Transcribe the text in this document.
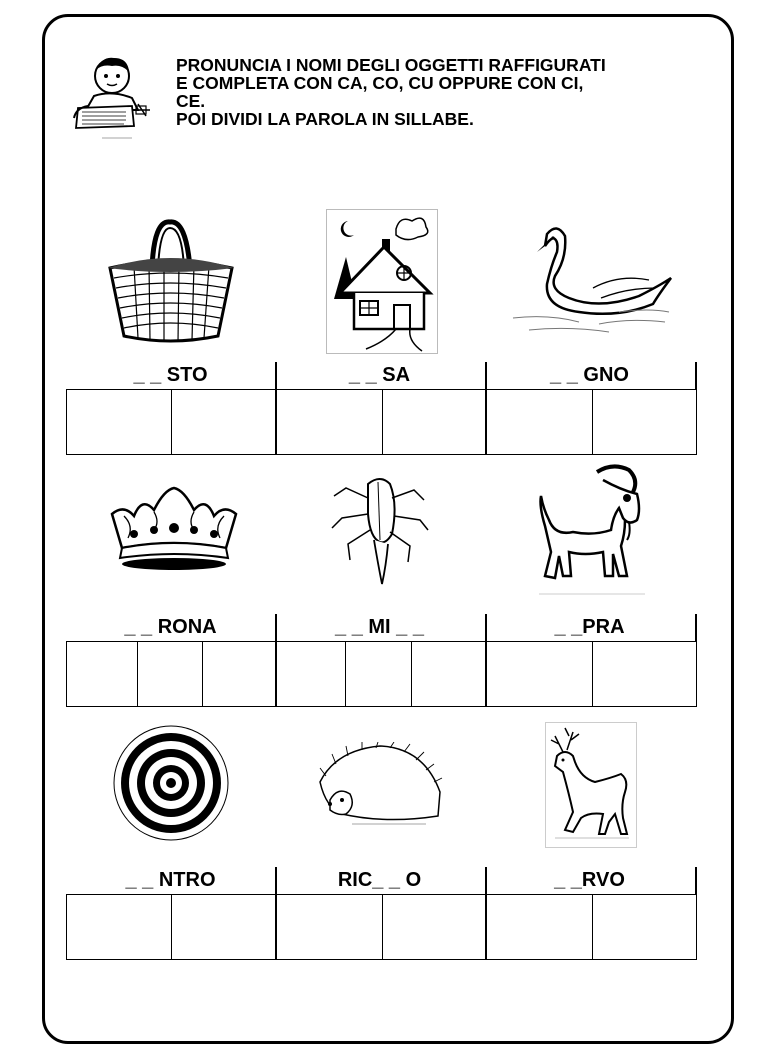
PRONUNCIA I NOMI DEGLI OGGETTI RAFFIGURATI
E COMPLETA CON CA, CO, CU OPPURE CON CI,
CE.
POI DIVIDI LA PAROLA IN SILLABE.
_ _ STO	_ _ SA	_ _ GNO
_ _ RONA	_ _ MI _ _	_ _PRA
_ _ NTRO	RIC_ _ O	_ _RVO
